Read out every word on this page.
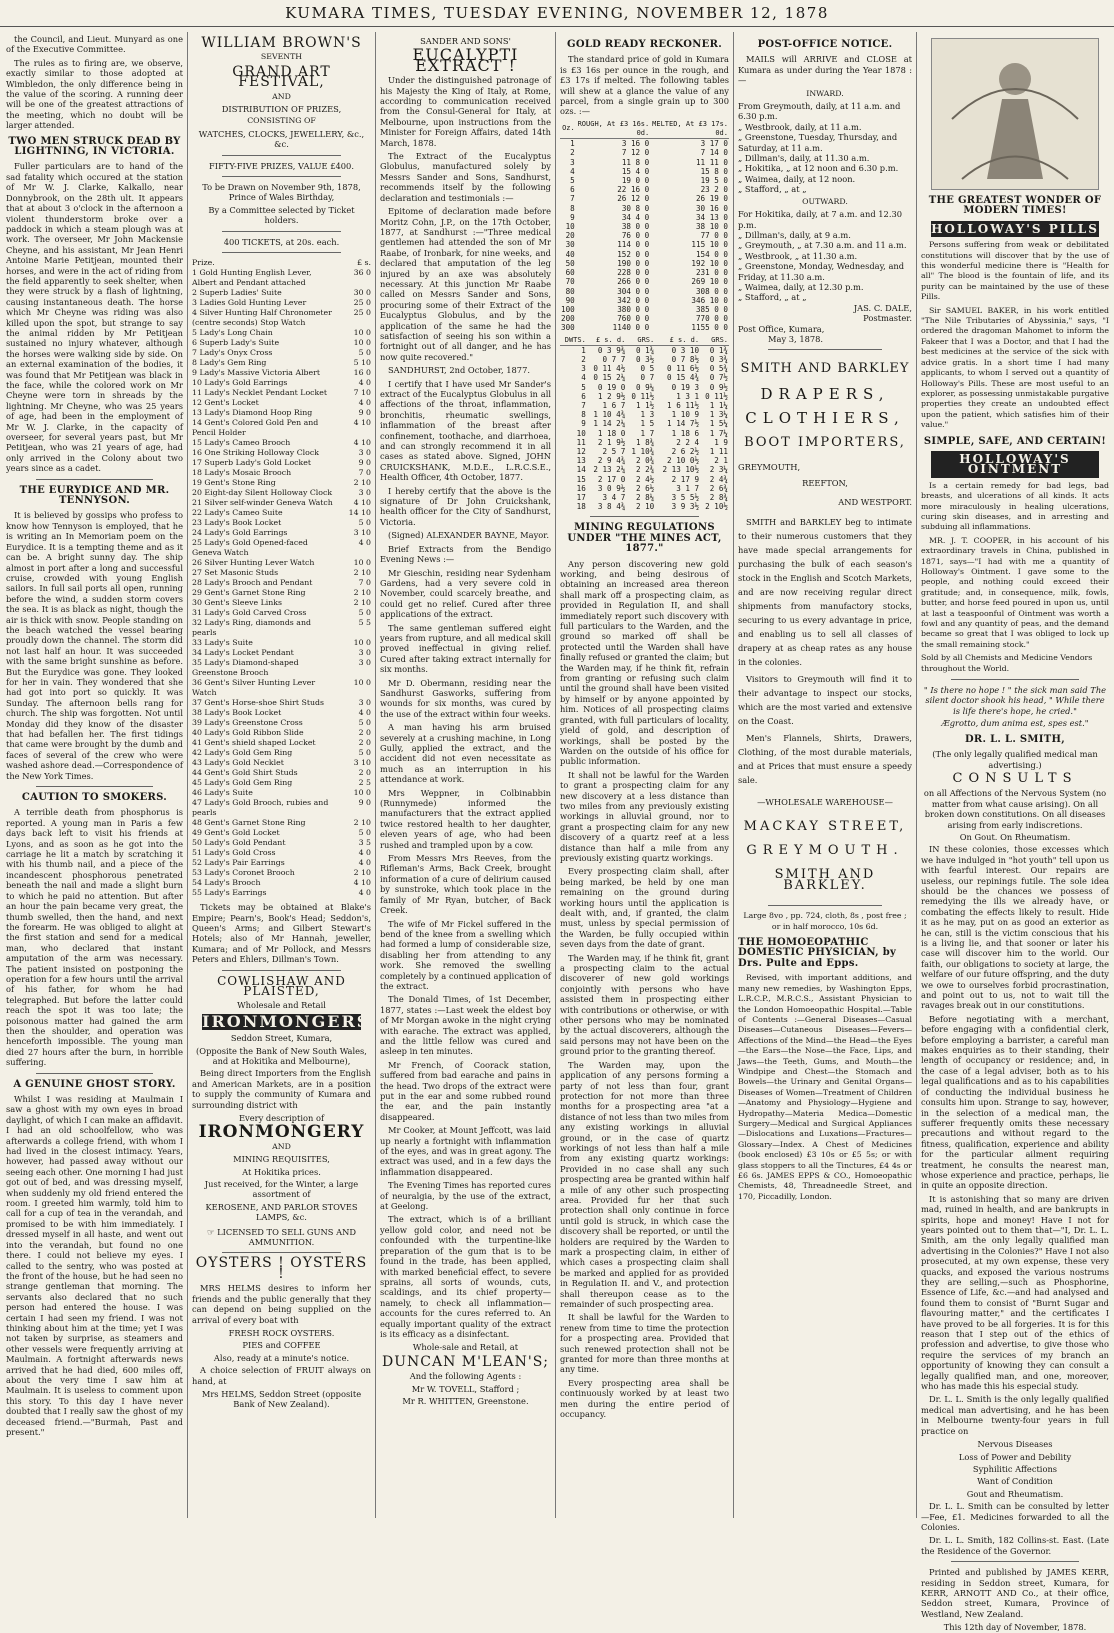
KUMARA TIMES, TUESDAY EVENING, NOVEMBER 12, 1878

the Council, and Lieut. Munyard as one of the Executive Committee.

The rules as to firing are, we observe, exactly similar to those adopted at Wimbledon, the only difference being in the value of the scoring. A running deer will be one of the greatest attractions of the meeting, which no doubt will be larger attended.

TWO MEN STRUCK DEAD BY LIGHTNING, IN VICTORIA.

Fuller particulars are to hand of the sad fatality which occured at the station of Mr W. J. Clarke, Kalkallo, near Donnybrook, on the 28th ult. It appears that at about 3 o'clock in the afternoon a violent thunderstorm broke over a paddock in which a steam plough was at work. The overseer, Mr John Mackensie Cheyne, and his assistant, Mr Jean Henri Antoine Marie Petitjean, mounted their horses, and were in the act of riding from the field apparently to seek shelter, when they were struck by a flash of lightning, causing instantaneous death. The horse which Mr Cheyne was riding was also killed upon the spot, but strange to say the animal ridden by Mr Petitjean sustained no injury whatever, although the horses were walking side by side. On an external examination of the bodies, it was found that Mr Petitjean was black in the face, while the colored work on Mr Cheyne were torn in shreads by the lightning. Mr Cheyne, who was 25 years of age, had been in the employment of Mr W. J. Clarke, in the capacity of overseer, for several years past, but Mr Petitjean, who was 21 years of age, had only arrived in the Colony about two years since as a cadet.

THE EURYDICE AND MR. TENNYSON.

It is believed by gossips who profess to know how Tennyson is employed, that he is writing an In Memoriam poem on the Eurydice. It is a tempting theme and as it can be. A bright sunny day. The ship almost in port after a long and successful cruise, crowded with young English sailors. In full sail ports all open, running before the wind, a sudden storm covers the sea. It is as black as night, though the air is thick with snow. People standing on the beach watched the vessel bearing proudly down the channel. The storm did not last half an hour. It was succeeded with the same bright sunshine as before. But the Eurydice was gone. They looked for her in vain. They wondered that she had got into port so quickly. It was Sunday. The afternoon bells rang for church. The ship was forgotten. Not until Monday did they know of the disaster that had befallen her. The first tidings that came were brought by the dumb and faces of several of the crew who were washed ashore dead.—Correspondence of the New York Times.

CAUTION TO SMOKERS.

A terrible death from phosphorus is reported. A young man in Paris a few days back left to visit his friends at Lyons, and as soon as he got into the carriage he lit a match by scratching it with his thumb nail, and a piece of the incandescent phosphorous penetrated beneath the nail and made a slight burn to which he paid no attention. But after an hour the pain became very great, the thumb swelled, then the hand, and next the forearm. He was obliged to alight at the first station and send for a medical man, who declared that instant amputation of the arm was necessary. The patient insisted on postponing the operation for a few hours until the arrival of his father, for whom he had telegraphed. But before the latter could reach the spot it was too late; the poisonous matter had gained the arm then the shoulder, and operation was henceforth impossible. The young man died 27 hours after the burn, in horrible suffering.

A GENUINE GHOST STORY.

Whilst I was residing at Maulmain I saw a ghost with my own eyes in broad daylight, of which I can make an affidavit. I had an old schoolfellow, who was afterwards a college friend, with whom I had lived in the closest intimacy. Years, however, had passed away without our seeing each other. One morning I had just got out of bed, and was dressing myself, when suddenly my old friend entered the room. I greeted him warmly, told him to call for a cup of tea in the verandah, and promised to be with him immediately. I dressed myself in all haste, and went out into the verandah, but found no one there. I could not believe my eyes. I called to the sentry, who was posted at the front of the house, but he had seen no strange gentleman that morning. The servants also declared that no such person had entered the house. I was certain I had seen my friend. I was not thinking about him at the time; yet I was not taken by surprise, as steamers and other vessels were frequently arriving at Maulmain. A fortnight afterwards news arrived that he had died, 600 miles off, about the very time I saw him at Maulmain. It is useless to comment upon this story. To this day I have never doubted that I really saw the ghost of my deceased friend.—"Burmah, Past and present."

WILLIAM BROWN'S
SEVENTH
GRAND ART FESTIVAL,
AND
DISTRIBUTION OF PRIZES,
CONSISTING OF
WATCHES, CLOCKS, JEWELLERY, &c., &c.
FIFTY-FIVE PRIZES, VALUE £400.
To be Drawn on November 9th, 1878, Prince of Wales Birthday,
By a Committee selected by Ticket holders.
400 TICKETS, at 20s. each.
Prize.	£ s.
1 Gold Hunting English Lever, Albert and Pendant attached	36 0
2 Superb Ladies' Suite	30 0
3 Ladies Gold Hunting Lever	25 0
4 Silver Hunting Half Chronometer (centre seconds) Stop Watch	25 0
5 Lady's Long Chain	10 0
6 Superb Lady's Suite	10 0
7 Lady's Onyx Cross	5 0
8 Lady's Gem Ring	5 10
9 Lady's Massive Victoria Albert	16 0
10 Lady's Gold Earrings	4 0
11 Lady's Necklet Pendant Locket	7 10
12 Gent's Locket	4 0
13 Lady's Diamond Hoop Ring	9 0
14 Gent's Colored Gold Pen and Pencil Holder	4 10
15 Lady's Cameo Brooch	4 10
16 One Striking Holloway Clock	3 0
17 Superb Lady's Gold Locket	9 0
18 Lady's Mosaic Brooch	7 0
19 Gent's Stone Ring	2 10
20 Eight-day Silent Holloway Clock	3 0
21 Silver self-winder Geneva Watch	4 10
22 Lady's Cameo Suite	14 10
23 Lady's Book Locket	5 0
24 Lady's Gold Earrings	3 10
25 Lady's Gold Opened-faced Geneva Watch	4 0
26 Silver Hunting Lever Watch	10 0
27 Set Masonic Studs	2 10
28 Lady's Brooch and Pendant	7 0
29 Gent's Garnet Stone Ring	2 10
30 Gent's Sleeve Links	2 10
31 Lady's Gold Carved Cross	5 0
32 Lady's Ring, diamonds and pearls	5 5
33 Lady's Suite	10 0
34 Lady's Locket Pendant	3 0
35 Lady's Diamond-shaped Greenstone Brooch	3 0
36 Gent's Silver Hunting Lever Watch	10 0
37 Gent's Horse-shoe Shirt Studs	3 0
38 Lady's Book Locket	4 0
39 Lady's Greenstone Cross	5 0
40 Lady's Gold Ribbon Slide	2 0
41 Gent's shield shaped Locket	2 0
42 Lady's Gold Gem Ring	5 0
43 Lady's Gold Necklet	3 10
44 Gent's Gold Shirt Studs	2 0
45 Lady's Gold Gem Ring	2 5
46 Lady's Suite	10 0
47 Lady's Gold Brooch, rubies and pearls	9 0
48 Gent's Garnet Stone Ring	2 10
49 Gent's Gold Locket	5 0
50 Lady's Gold Pendant	3 5
51 Lady's Gold Cross	4 0
52 Lady's Pair Earrings	4 0
53 Lady's Coronet Brooch	2 10
54 Lady's Brooch	4 10
55 Lady's Earrings	4 0

Tickets may be obtained at Blake's Empire; Pearn's, Book's Head; Seddon's, Queen's Arms; and Gilbert Stewart's Hotels; also of Mr Hannah, jeweller, Kumara; and of Mr Pollock, and Messrs Peters and Ehlers, Dillman's Town.

COWLISHAW AND PLAISTED,
Wholesale and Retail
IRONMONGERS
Seddon Street, Kumara,
(Opposite the Bank of New South Wales, and at Hokitika and Melbourne),

Being direct Importers from the English and American Markets, are in a position to supply the community of Kumara and surrounding district with

Every description of
IRONMONGERY
AND
MINING REQUISITES,
At Hokitika prices.
Just received, for the Winter, a large assortment of
KEROSENE, AND PARLOR STOVES LAMPS, &c.
☞ LICENSED TO SELL GUNS AND AMMUNITION.
OYSTERS ! OYSTERS !

MRS HELMS desires to inform her friends and the public generally that they can depend on being supplied on the arrival of every boat with

FRESH ROCK OYSTERS.
PIES and COFFEE
Also, ready at a minute's notice.

A choice selection of FRUIT always on hand, at

Mrs HELMS, Seddon Street (opposite Bank of New Zealand).
SANDER AND SONS'
EUCALYPTI EXTRACT !

Under the distinguished patronage of his Majesty the King of Italy, at Rome, according to communication received from the Consul-General for Italy, at Melbourne, upon instructions from the Minister for Foreign Affairs, dated 14th March, 1878.

The Extract of the Eucalyptus Globulus, manufactured solely by Messrs Sander and Sons, Sandhurst, recommends itself by the following declaration and testimonials :—

Epitome of declaration made before Moritz Cohn, J.P., on the 17th October, 1877, at Sandhurst :—"Three medical gentlemen had attended the son of Mr Raabe, of Ironbark, for nine weeks, and declared that amputation of the leg injured by an axe was absolutely necessary. At this junction Mr Raabe called on Messrs Sander and Sons, procuring some of their Extract of the Eucalyptus Globulus, and by the application of the same he had the satisfaction of seeing his son within a fortnight out of all danger, and he has now quite recovered."

SANDHURST, 2nd October, 1877.

I certify that I have used Mr Sander's extract of the Eucalyptus Globulus in all affections of the throat, inflammation, bronchitis, rheumatic swellings, inflammation of the breast after confinement, toothache, and diarrhoea, and can strongly recommend it in all cases as stated above. Signed, JOHN CRUICKSHANK, M.D.E., L.R.C.S.E., Health Officer, 4th October, 1877.

I hereby certify that the above is the signature of Dr John Cruickshank, health officer for the City of Sandhurst, Victoria.

(Signed) ALEXANDER BAYNE, Mayor.

Brief Extracts from the Bendigo Evening News :—

Mr Gieschin, residing near Sydenham Gardens, had a very severe cold in November, could scarcely breathe, and could get no relief. Cured after three applications of the extract.

The same gentleman suffered eight years from rupture, and all medical skill proved ineffectual in giving relief. Cured after taking extract internally for six months.

Mr D. Obermann, residing near the Sandhurst Gasworks, suffering from wounds for six months, was cured by the use of the extract within four weeks.

A man having his arm bruised severely at a crushing machine, in Long Gully, applied the extract, and the accident did not even necessitate as much as an interruption in his attendance at work.

Mrs Weppner, in Colbinabbin (Runnymede) informed the manufacturers that the extract applied twice restored health to her daughter, eleven years of age, who had been rushed and trampled upon by a cow.

From Messrs Mrs Reeves, from the Rifleman's Arms, Back Creek, brought information of a cure of delirium caused by sunstroke, which took place in the family of Mr Ryan, butcher, of Back Creek.

The wife of Mr Fickel suffered in the bend of the knee from a swelling which had formed a lump of considerable size, disabling her from attending to any work. She removed the swelling completely by a continued application of the extract.

The Donald Times, of 1st December, 1877, states :—Last week the eldest boy of Mr Morgan awoke in the night crying with earache. The extract was applied, and the little fellow was cured and asleep in ten minutes.

Mr French, of Coorack station, suffered from bad earache and pains in the head. Two drops of the extract were put in the ear and some rubbed round the ear, and the pain instantly disappeared.

Mr Cooker, at Mount Jeffcott, was laid up nearly a fortnight with inflammation of the eyes, and was in great agony. The extract was used, and in a few days the inflammation disappeared.

The Evening Times has reported cures of neuralgia, by the use of the extract, at Geelong.

The extract, which is of a brilliant yellow gold color, and need not be confounded with the turpentine-like preparation of the gum that is to be found in the trade, has been applied, with marked beneficial effect, to severe sprains, all sorts of wounds, cuts, scaldings, and its chief property—namely, to check all inflammation—accounts for the cures referred to. An equally important quality of the extract is its efficacy as a disinfectant.

Whole-sale and Retail, at
DUNCAN M'LEAN'S;
And the following Agents :
Mr W. TOVELL, Stafford ;
Mr R. WHITTEN, Greenstone.
GOLD READY RECKONER.

The standard price of gold in Kumara is £3 16s per ounce in the rough, and £3 17s if melted. The following tables will shew at a glance the value of any parcel, from a single grain up to 300 ozs. :—

Oz.	ROUGH, At £3 16s. 0d.	MELTED, At £3 17s. 0d.
1	3 16 0	3 17 0
2	7 12 0	7 14 0
3	11 8 0	11 11 0
4	15 4 0	15 8 0
5	19 0 0	19 5 0
6	22 16 0	23 2 0
7	26 12 0	26 19 0
8	30 8 0	30 16 0
9	34 4 0	34 13 0
10	38 0 0	38 10 0
20	76 0 0	77 0 0
30	114 0 0	115 10 0
40	152 0 0	154 0 0
50	190 0 0	192 10 0
60	228 0 0	231 0 0
70	266 0 0	269 10 0
80	304 0 0	308 0 0
90	342 0 0	346 10 0
100	380 0 0	385 0 0
200	760 0 0	770 0 0
300	1140 0 0	1155 0 0
DWTS.	£ s. d.	GRS.	£ s. d.	GRS.
1	0 3 9¾	0 1¾	0 3 10	0 1¾
2	0 7 7	0 3½	0 7 8½	0 3¾
3	0 11 4½	0 5	0 11 6½	0 5¾
4	0 15 2¼	0 7	0 15 4¾	0 7½
5	0 19 0	0 9¼	0 19 3	0 9½
6	1 2 9½	0 11½	1 3 1	0 11½
7	1 6 7	1 1½	1 6 11½	1 1¼
8	1 10 4¾	1 3	1 10 9	1 3¼
9	1 14 2¼	1 5	1 14 7½	1 5¼
10	1 18 0	1 7	1 18 6	1 7¼
11	2 1 9½	1 8¾	2 2 4	1 9
12	2 5 7	1 10¾	2 6 2½	1 11
13	2 9 4¾	2 0¾	2 10 0½	2 1
14	2 13 2¼	2 2¾	2 13 10½	2 3¼
15	2 17 0	2 4½	2 17 9	2 4¾
16	3 0 9½	2 6½	3 1 7	2 6¾
17	3 4 7	2 8¼	3 5 5½	2 8¾
18	3 8 4¾	2 10	3 9 3½	2 10½
MINING REGULATIONS UNDER "THE MINES ACT, 1877."

Any person discovering new gold working, and being desirous of obtaining an increased area thereon shall mark off a prospecting claim, as provided in Regulation II, and shall immediately report such discovery with full particulars to the Warden, and the ground so marked off shall be protected until the Warden shall have finally refused or granted the claim; but the Warden may, if he think fit, refrain from granting or refusing such claim until the ground shall have been visited by himself or by anyone appointed by him. Notices of all prospecting claims granted, with full particulars of locality, yield of gold, and description of workings, shall be posted by the Warden on the outside of his office for public information.

It shall not be lawful for the Warden to grant a prospecting claim for any new discovery at a less distance than two miles from any previously existing workings in alluvial ground, nor to grant a prospecting claim for any new discovery of a quartz reef at a less distance than half a mile from any previously existing quartz workings.

Every prospecting claim shall, after being marked, be held by one man remaining on the ground during working hours until the application is dealt with, and, if granted, the claim must, unless by special permission of the Warden, be fully occupied within seven days from the date of grant.

The Warden may, if he think fit, grant a prospecting claim to the actual discoverer of new gold workings conjointly with persons who have assisted them in prospecting either with contributions or otherwise, or with other persons who may be nominated by the actual discoverers, although the said persons may not have been on the ground prior to the granting thereof.

The Warden may, upon the application of any persons forming a party of not less than four, grant protection for not more than three months for a prospecting area "at a distance of not less than two miles from any existing workings in alluvial ground, or in the case of quartz workings of not less than half a mile from any existing quartz workings: Provided in no case shall any such prospecting area be granted within half a mile of any other such prospecting area. Provided fur her that such protection shall only continue in force until gold is struck, in which case the discovery shall be reported, or until the holders are required by the Warden to mark a prospecting claim, in either of which cases a prospecting claim shall be marked and applied for as provided in Regulation II. and V., and protection shall thereupon cease as to the remainder of such prospecting area.

It shall be lawful for the Warden to renew from time to time the protection for a prospecting area. Provided that such renewed protection shall not be granted for more than three months at any time.

Every prospecting area shall be continuously worked by at least two men during the entire period of occupancy.

POST-OFFICE NOTICE.

MAILS will ARRIVE and CLOSE at Kumara as under during the Year 1878 :—

INWARD.
From Greymouth, daily, at 11 a.m. and 6.30 p.m.
„ Westbrook, daily, at 11 a.m.
„ Greenstone, Tuesday, Thursday, and Saturday, at 11 a.m.
„ Dillman's, daily, at 11.30 a.m.
„ Hokitika, „ at 12 noon and 6.30 p.m.
„ Waimea, daily, at 12 noon.
„ Stafford, „ at „
OUTWARD.
For Hokitika, daily, at 7 a.m. and 12.30 p.m.
„ Dillman's, daily, at 9 a.m.
„ Greymouth, „ at 7.30 a.m. and 11 a.m.
„ Westbrook, „ at 11.30 a.m.
„ Greenstone, Monday, Wednesday, and Friday, at 11.30 a.m.
„ Waimea, daily, at 12.30 p.m.
„ Stafford, „ at „
JAS. C. DALE,
Postmaster.
Post Office, Kumara,
May 3, 1878.
SMITH AND BARKLEY
DRAPERS,
CLOTHIERS,
BOOT IMPORTERS,
GREYMOUTH,
REEFTON,
AND WESTPORT.

SMITH and BARKLEY beg to intimate to their numerous customers that they have made special arrangements for purchasing the bulk of each season's stock in the English and Scotch Markets, and are now receiving regular direct shipments from manufactory stocks, securing to us every advantage in price, and enabling us to sell all classes of drapery at as cheap rates as any house in the colonies.

Visitors to Greymouth will find it to their advantage to inspect our stocks, which are the most varied and extensive on the Coast.

Men's Flannels, Shirts, Drawers, Clothing, of the most durable materials, and at Prices that must ensure a speedy sale.

—WHOLESALE WAREHOUSE—
MACKAY STREET,
GREYMOUTH.
SMITH AND BARKLEY.
Large 8vo , pp. 724, cloth, 8s , post free ; or in half morocco, 10s 6d.
THE HOMOEOPATHIC DOMESTIC PHYSICIAN, by Drs. Pulte and Epps.

Revised, with important additions, and many new remedies, by Washington Epps, L.R.C.P., M.R.C.S., Assistant Physician to the London Homoeopathic Hospital.—Table of Contents :—General Diseases—Casual Diseases—Cutaneous Diseases—Fevers—Affections of the Mind—the Head—the Eyes—the Ears—the Nose—the Face, Lips, and Jaws—the Teeth, Gums, and Mouth—the Windpipe and Chest—the Stomach and Bowels—the Urinary and Genital Organs—Diseases of Women—Treatment of Children—Anatomy and Physiology—Hygiene and Hydropathy—Materia Medica—Domestic Surgery—Medical and Surgical Appliances—Dislocations and Luxations—Fractures—Glossary—Index. A Chest of Medicines (book enclosed) £3 10s or £5 5s; or with glass stoppers to all the Tinctures, £4 4s or £6 6s. JAMES EPPS & CO., Homoeopathic Chemists, 48, Threadneedle Street, and 170, Piccadilly, London.

THE GREATEST WONDER OF MODERN TIMES!
HOLLOWAY'S PILLS

Persons suffering from weak or debilitated constitutions will discover that by the use of this wonderful medicine there is "Health for all" The blood is the fountain of life, and its purity can be maintained by the use of these Pills.

Sir SAMUEL BAKER, in his work entitled "The Nile Tributaries of Abyssinia," says, "I ordered the dragoman Mahomet to inform the Fakeer that I was a Doctor, and that I had the best medicines at the service of the sick with advice gratis. In a short time I had many applicants, to whom I served out a quantity of Holloway's Pills. These are most useful to an explorer, as possessing unmistakable purgative properties they create an undoubted effect upon the patient, which satisfies him of their value."

SIMPLE, SAFE, AND CERTAIN!
HOLLOWAY'S OINTMENT

Is a certain remedy for bad legs, bad breasts, and ulcerations of all kinds. It acts more miraculously in healing ulcerations, curing skin diseases, and in arresting and subduing all inflammations.

MR. J. T. COOPER, in his account of his extraordinary travels in China, published in 1871, says—"I had with me a quantity of Holloway's Ointment. I gave some to the people, and nothing could exceed their gratitude; and, in consequence, milk, fowls, butter, and horse feed poured in upon us, until at last a teaspoonful of Ointment was worth a fowl and any quantity of peas, and the demand became so great that I was obliged to lock up the small remaining stock."

Sold by all Chemists and Medicine Vendors throughout the World.
" Is there no hope ! " the sick man said The silent doctor shook his head, " While there is life there's hope, he cried."
Ægrotto, dum anima est, spes est."
DR. L. L. SMITH,
(The only legally qualified medical man advertising.)
CONSULTS
on all Affections of the Nervous System (no matter from what cause arising). On all broken down constitutions. On all diseases arising from early indiscretions.
On Gout. On Rheumatism.

IN these colonies, those excesses which we have indulged in "hot youth" tell upon us with fearful interest. Our repairs are useless, our repinings futile. The sole idea should be the chances we possess of remedying the ills we already have, or combating the effects likely to result. Hide it as he may, put on as good an exterior as he can, still is the victim conscious that his is a living lie, and that sooner or later his case will discover him to the world. Our faith, our obligations to society at large, the welfare of our future offspring, and the duty we owe to ourselves forbid procrastination, and point out to us, not to wait till the ravages break out in our constitutions.

Before negotiating with a merchant, before engaging with a confidential clerk, before employing a barrister, a careful man makes enquiries as to their standing, their length of occupancy or residence; and, in the case of a legal adviser, both as to his legal qualifications and as to his capabilities of conducting the individual business he consults him upon. Strange to say, however, in the selection of a medical man, the sufferer frequently omits these necessary precautions and without regard to the fitness, qualification, experience and ability for the particular ailment requiring treatment, he consults the nearest man, whose experience and practice, perhaps, lie in quite an opposite direction.

It is astonishing that so many are driven mad, ruined in health, and are bankrupts in spirits, hope and money! Have I not for years pointed out to them that—"I, Dr. L. L. Smith, am the only legally qualified man advertising in the Colonies?" Have I not also prosecuted, at my own expense, these very quacks, and exposed the various nostrums they are selling,—such as Phosphorine, Essence of Life, &c.—and had analysed and found them to consist of "Burnt Sugar and flavouring matter," and the certificates I have proved to be all forgeries. It is for this reason that I step out of the ethics of profession and advertise, to give those who require the services of my branch an opportunity of knowing they can consult a legally qualified man, and one, moreover, who has made this his especial study.

Dr. L. L. Smith is the only legally qualified medical man advertising, and he has been in Melbourne twenty-four years in full practice on

Nervous Diseases
Loss of Power and Debility
Syphilitic Affections
Want of Condition
Gout and Rheumatism.

Dr. L. L. Smith can be consulted by letter—Fee, £1. Medicines forwarded to all the Colonies.

Dr. L. L. Smith, 182 Collins-st. East. (Late the Residence of the Governor.

Printed and published by JAMES KERR, residing in Seddon street, Kumara, for KERR, ARNOTT AND Co., at their office, Seddon street, Kumara, Province of Westland, New Zealand.

This 12th day of November, 1878.
